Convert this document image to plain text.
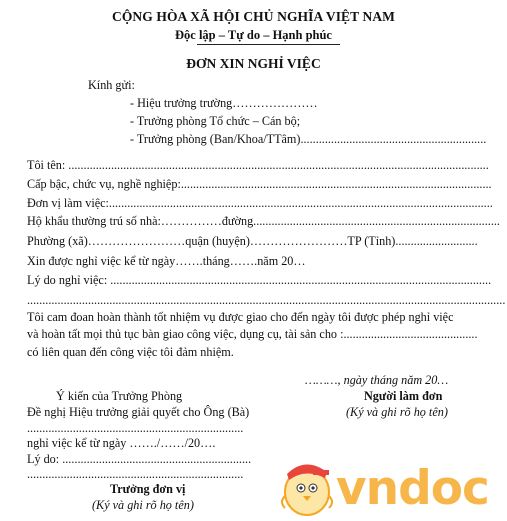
CỘNG HÒA XÃ HỘI CHỦ NGHĨA VIỆT NAM
Độc lập – Tự do – Hạnh phúc
ĐƠN XIN NGHỈ VIỆC
Kính gửi:
- Hiệu trưởng trường…………………
- Trưởng phòng Tổ chức – Cán bộ;
- Trưởng phòng (Ban/Khoa/TTâm).............................................................
Tôi tên: ..........................................................................................................................................
Cấp bậc, chức vụ, nghề nghiệp:......................................................................................................
Đơn vị làm việc:..............................................................................................................................
Hộ khẩu thường trú số nhà:……………đường.................................................................................
Phường (xã)……………………quận (huyện)……………………TP (Tỉnh)...........................
Xin được nghỉ việc kể từ ngày…….tháng…….năm 20…
Lý do nghỉ việc: .............................................................................................................................
.............................................................................................................................................................
Tôi cam đoan hoàn thành tốt nhiệm vụ được giao cho đến ngày tôi được phép nghỉ việc
và hoàn tất mọi thủ tục bàn giao công việc, dụng cụ, tài sản cho :............................................
có liên quan đến công việc tôi đảm nhiệm.
………, ngày tháng năm 20…
Người làm đơn
(Ký và ghi rõ họ tên)
Ý kiến của Trưởng Phòng
Đề nghị Hiệu trưởng giải quyết cho Ông (Bà)
.......................................................................
nghỉ việc kể từ ngày ……./……/20….
Lý do: ..............................................................
.......................................................................
Trưởng đơn vị
(Ký và ghi rõ họ tên)	vndoc
